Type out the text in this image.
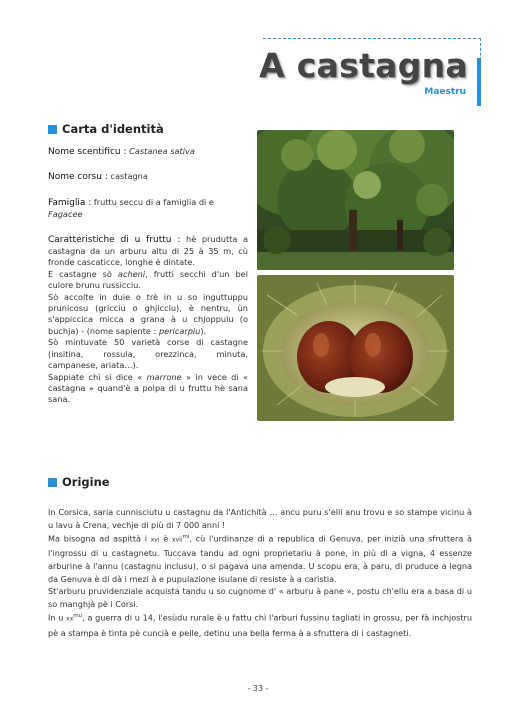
A castagna
Maestru
Carta d'identità
Nome scentificu : Castanea sativa
Nome corsu : castagna
Famiglia : fruttu seccu di a famiglia di e Fagacee

Caratteristiche di u fruttu : hè prudutta a castagna da un arburu altu di 25 à 35 m, cù fronde cascaticce, longhe è dintate.

E castagne sò acheni, frutti secchi d'un bel culore brunu russicciu.

Sò accolte in duie o trè in u so inguttuppu prunicosu (gricciu o ghjicciu), è nentru, ùn s'appiccica micca a grana à u chjoppulu (o buchja) - (nome sapiente : pericarpiu).

Sò mintuvate 50 varietà corse di castagne (insitina, rossula, orezzinca, minuta, campanese, ariata…).

Sappiate chì si dice « marrone » in vece di « castagna » quand'è a polpa di u fruttu hè sana sana.

Origine

In Corsica, saria cunnisciutu u castagnu da l'Antichità … ancu puru s'elli anu trovu e so stampe vicinu à u lavu à Crena, vechje di più di 7 000 anni !

Ma bisogna ad aspittà i xvi è xvii$^{mi}$, cù l'urdinanze di a republica di Genuva, per inizià una sfruttera à l'ingrossu di u castagnetu. Tuccava tandu ad ogni proprietariu à pone, in più di a vigna, 4 essenze arburine à l'annu (castagnu inclusu), o si pagava una amenda. U scopu era, à paru, di pruduce a legna da Genuva è di dà i mezi à e pupulazione isulane di resiste à a caristia.

St'arburu pruvidenziale acquista tandu u so cugnome d' « arburu à pane », postu ch'ellu era a basa di u so manghjà pè i Corsi.

In u $xx^{mu}$, a guerra di u 14, l'esùdu rurale è u fattu chì l'arburi fussinu tagliati in grossu, per fà inchjostru pè a stampa è tinta pè cuncià e pelle, detinu una bella ferma à a sfruttera di i castagneti.

- 33 -
